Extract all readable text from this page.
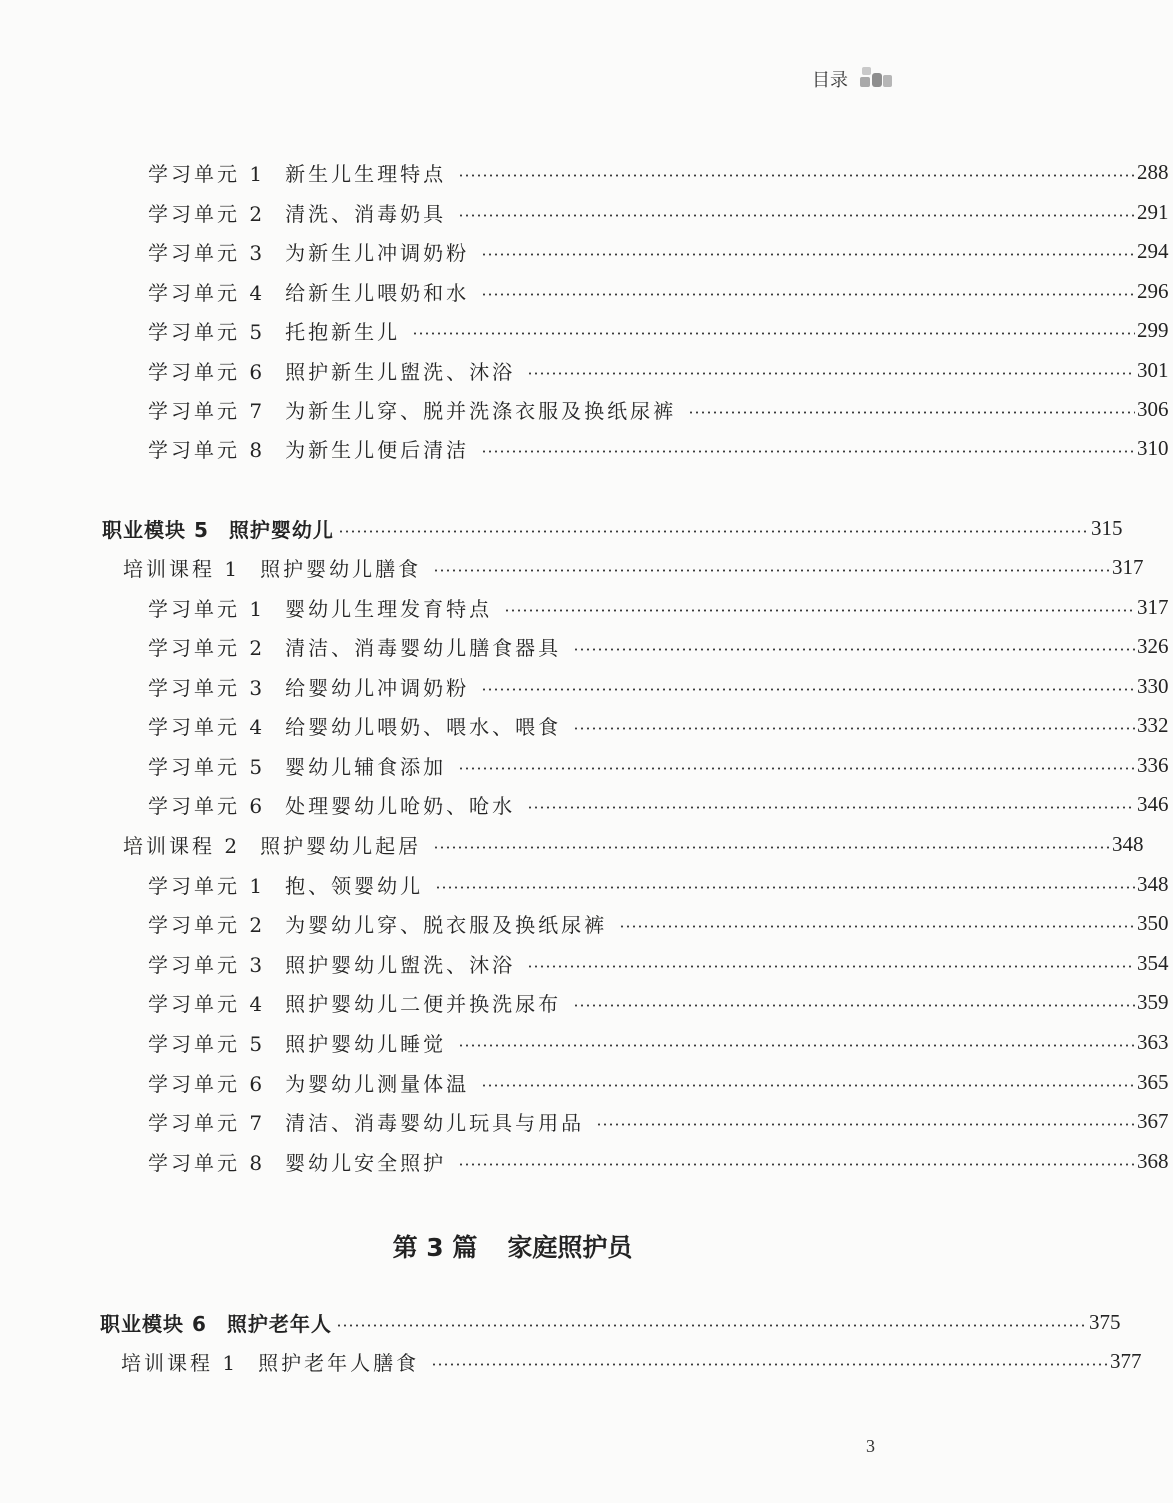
目录
学习单元 1 新生儿生理特点	288
学习单元 2 清洗、消毒奶具	291
学习单元 3 为新生儿冲调奶粉	294
学习单元 4 给新生儿喂奶和水	296
学习单元 5 托抱新生儿	299
学习单元 6 照护新生儿盥洗、沐浴	301
学习单元 7 为新生儿穿、脱并洗涤衣服及换纸尿裤	306
学习单元 8 为新生儿便后清洁	310
职业模块 5 照护婴幼儿	315
培训课程 1 照护婴幼儿膳食	317
学习单元 1 婴幼儿生理发育特点	317
学习单元 2 清洁、消毒婴幼儿膳食器具	326
学习单元 3 给婴幼儿冲调奶粉	330
学习单元 4 给婴幼儿喂奶、喂水、喂食	332
学习单元 5 婴幼儿辅食添加	336
学习单元 6 处理婴幼儿呛奶、呛水	346
培训课程 2 照护婴幼儿起居	348
学习单元 1 抱、领婴幼儿	348
学习单元 2 为婴幼儿穿、脱衣服及换纸尿裤	350
学习单元 3 照护婴幼儿盥洗、沐浴	354
学习单元 4 照护婴幼儿二便并换洗尿布	359
学习单元 5 照护婴幼儿睡觉	363
学习单元 6 为婴幼儿测量体温	365
学习单元 7 清洁、消毒婴幼儿玩具与用品	367
学习单元 8 婴幼儿安全照护	368
第 3 篇 家庭照护员
职业模块 6 照护老年人	375
培训课程 1 照护老年人膳食	377
3
